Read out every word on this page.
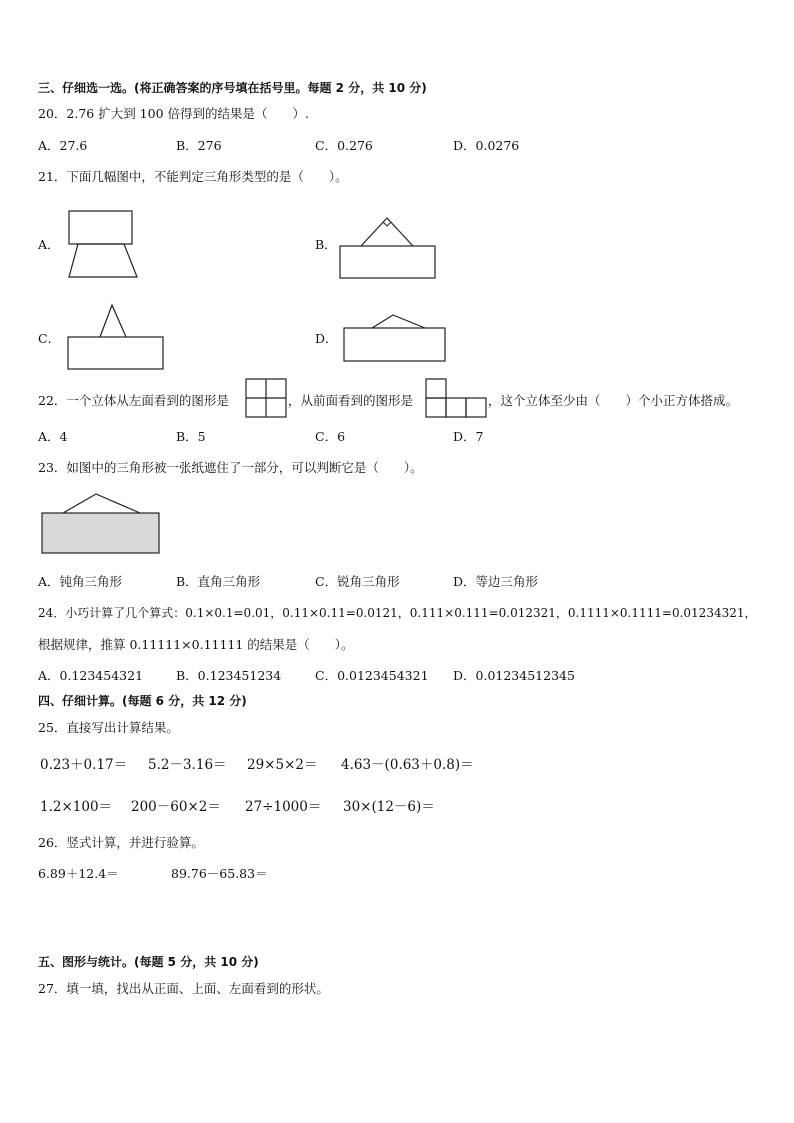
三、仔细选一选。(将正确答案的序号填在括号里。每题 2 分，共 10 分)
20．2.76 扩大到 100 倍得到的结果是（　　）.
A．27.6	B．276	C．0.276	D．0.0276
21．下面几幅图中，不能判定三角形类型的是（　　）。
A．	B．
C．	D．
22．一个立体从左面看到的图形是	，从前面看到的图形是	，这个立体至少由（　　）个小正方体搭成。
A．4	B．5	C．6	D．7
23．如图中的三角形被一张纸遮住了一部分，可以判断它是（　　）。
A．钝角三角形	B．直角三角形	C．锐角三角形	D．等边三角形
24．小巧计算了几个算式：0.1×0.1=0.01，0.11×0.11=0.0121，0.111×0.111=0.012321，0.1111×0.1111=0.01234321，
根据规律，推算 0.11111×0.11111 的结果是（　　）。
A．0.123454321	B．0.123451234	C．0.0123454321 D．0.01234512345
四、仔细计算。(每题 6 分，共 12 分)
25．直接写出计算结果。
0.23＋0.17＝ 5.2－3.16＝ 29×5×2＝ 4.63－(0.63＋0.8)＝
1.2×100＝ 200－60×2＝ 27÷1000＝ 30×(12－6)＝
26．竖式计算，并进行验算。
6.89＋12.4＝	89.76－65.83＝
五、图形与统计。(每题 5 分，共 10 分)
27．填一填，找出从正面、上面、左面看到的形状。
